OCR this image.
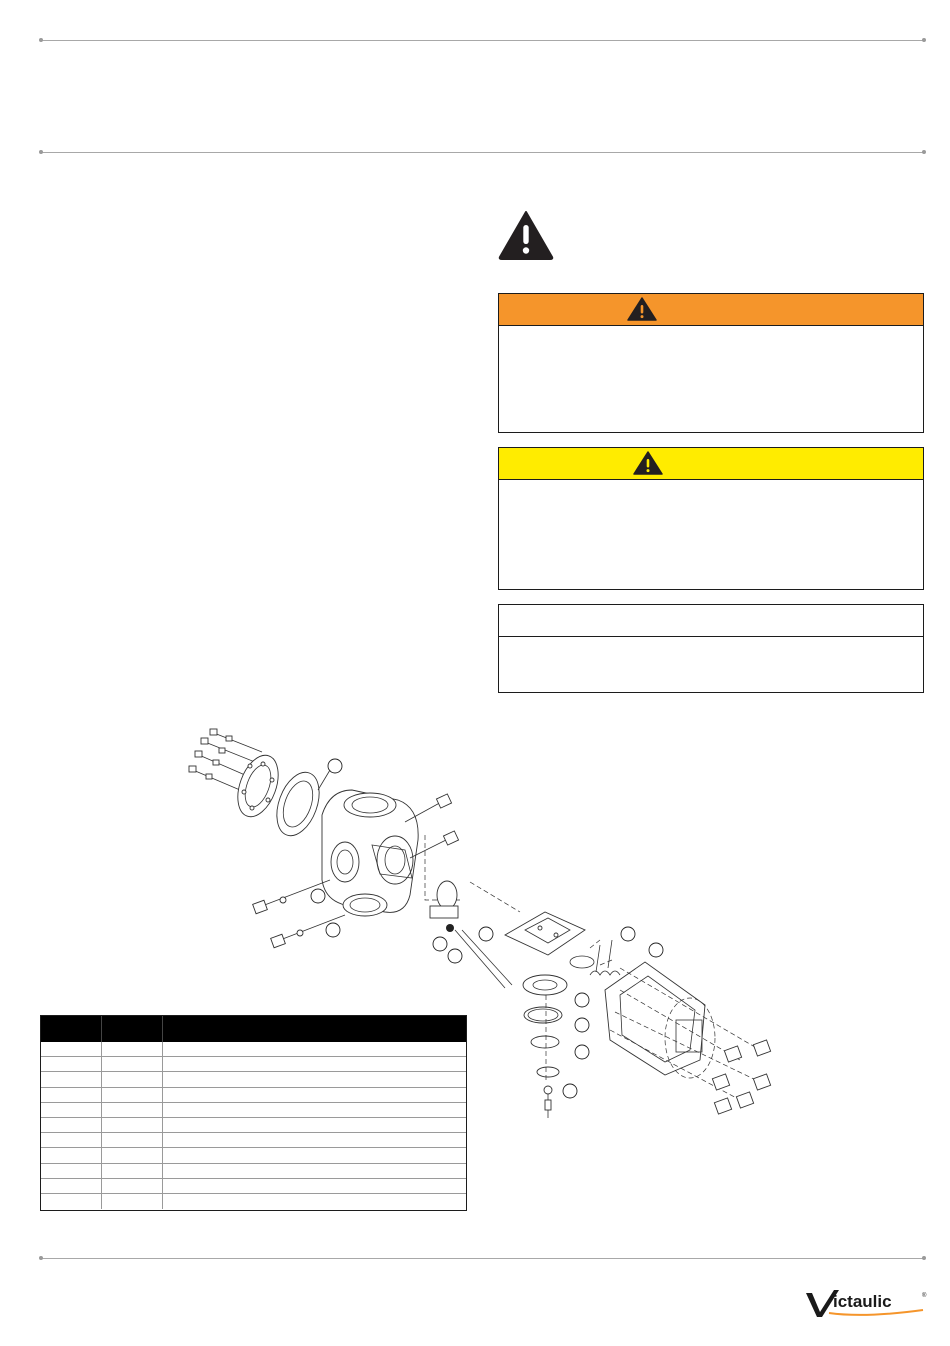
ictaulic	®
